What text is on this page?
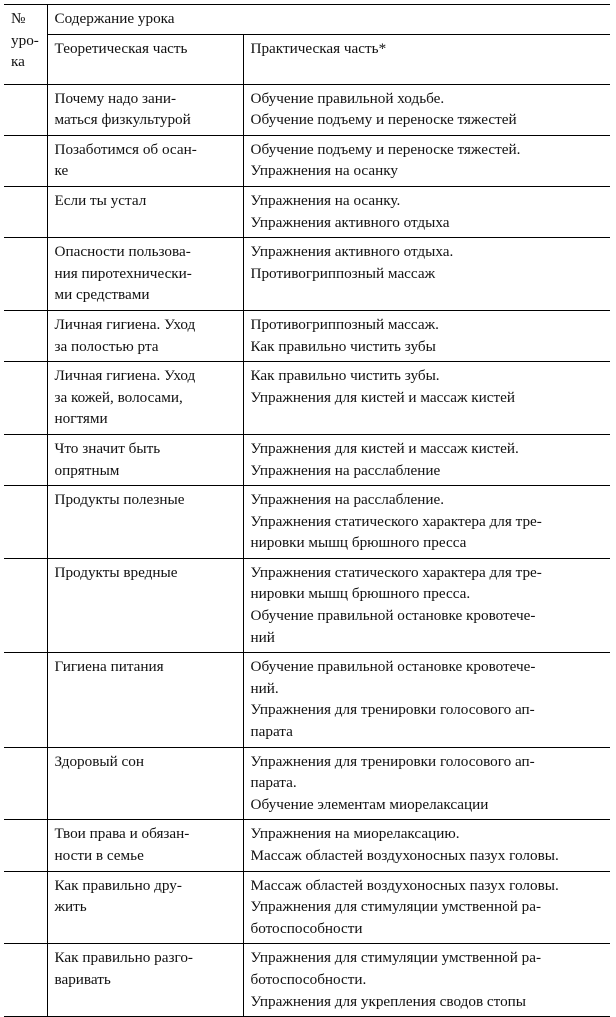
№
уро-
ка	Содержание урока	
	Теоретическая часть	Практическая часть*

	Почему надо зани-
маться физкультурой	Обучение правильной ходьбе.
Обучение подъему и переноске тяжестей

	Позаботимся об осан-
ке	Обучение подъему и переноске тяжестей.
Упражнения на осанку

	Если ты устал	Упражнения на осанку.
Упражнения активного отдыха

	Опасности пользова-
ния пиротехнически-
ми средствами	Упражнения активного отдыха.
Противогриппозный массаж

	Личная гигиена. Уход
за полостью рта	Противогриппозный массаж.
Как правильно чистить зубы

	Личная гигиена. Уход
за кожей, волосами,
ногтями	Как правильно чистить зубы.
Упражнения для кистей и массаж кистей

	Что значит быть
опрятным	Упражнения для кистей и массаж кистей.
Упражнения на расслабление

	Продукты полезные	Упражнения на расслабление.
Упражнения статического характера для тре-
нировки мышц брюшного пресса

	Продукты вредные	Упражнения статического характера для тре-
нировки мышц брюшного пресса.
Обучение правильной остановке кровотече-
ний

	Гигиена питания	Обучение правильной остановке кровотече-
ний.
Упражнения для тренировки голосового ап-
парата

	Здоровый сон	Упражнения для тренировки голосового ап-
парата.
Обучение элементам миорелаксации

	Твои права и обязан-
ности в семье	Упражнения на миорелаксацию.
Массаж областей воздухоносных пазух головы.

	Как правильно дру-
жить	Массаж областей воздухоносных пазух головы.
Упражнения для стимуляции умственной ра-
ботоспособности

	Как правильно разго-
варивать	Упражнения для стимуляции умственной ра-
ботоспособности.
Упражнения для укрепления сводов стопы
